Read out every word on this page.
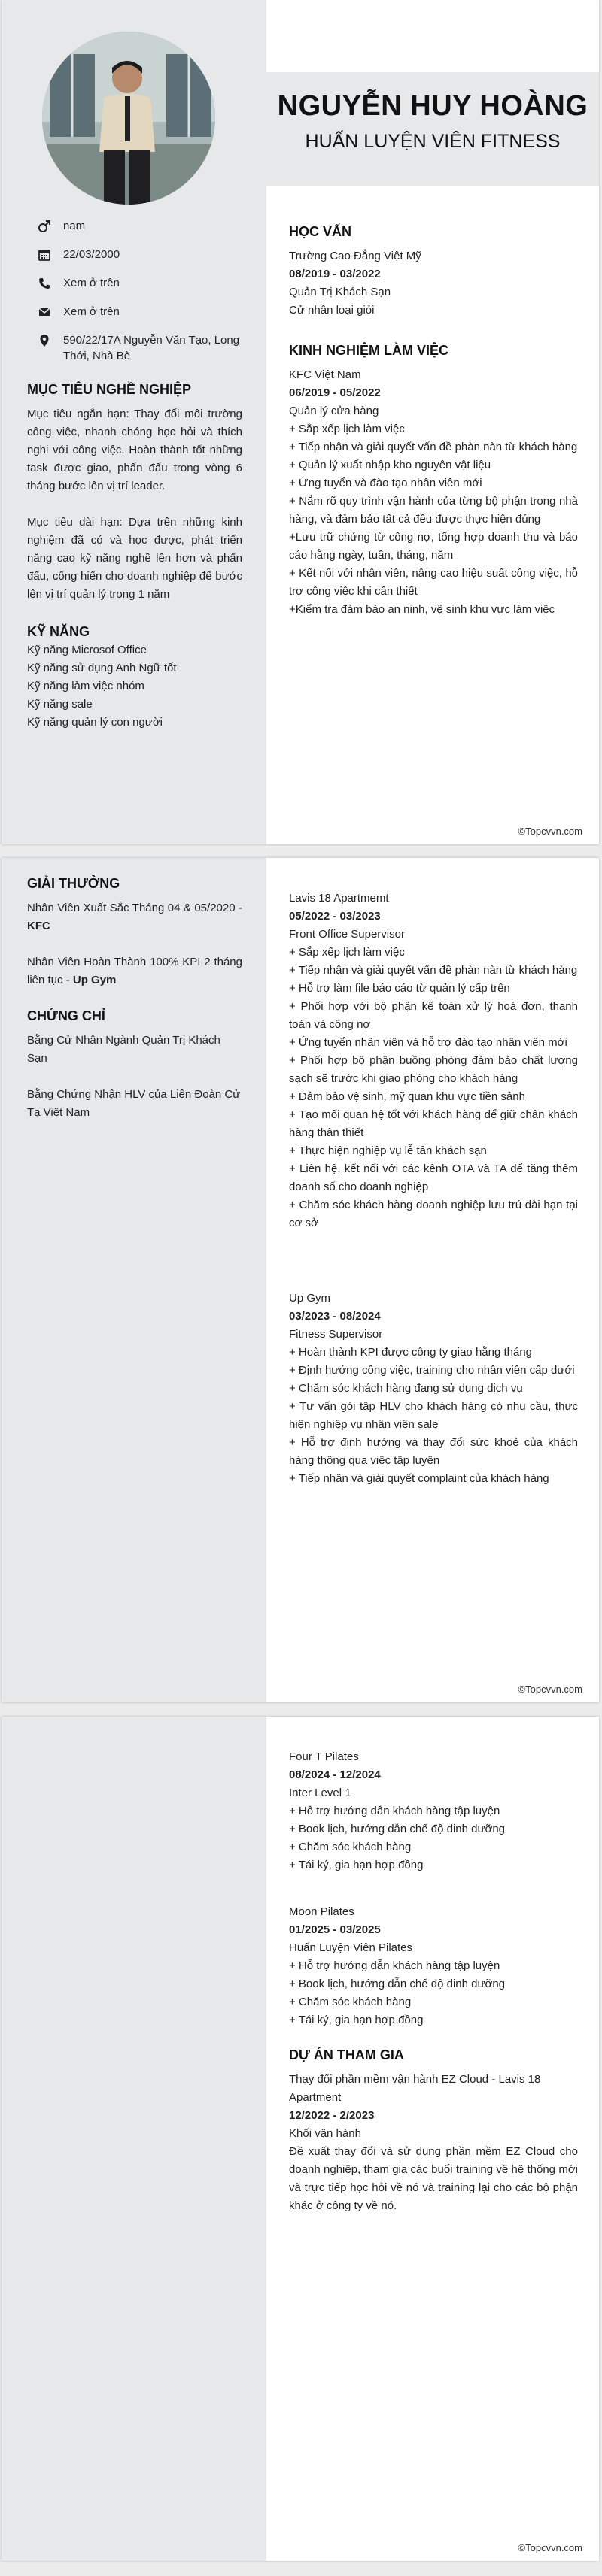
NGUYỄN HUY HOÀNG
HUẤN LUYỆN VIÊN FITNESS
nam
22/03/2000
Xem ở trên
Xem ở trên
590/22/17A Nguyễn Văn Tạo, Long Thới, Nhà Bè
MỤC TIÊU NGHỀ NGHIỆP
Mục tiêu ngắn hạn: Thay đổi môi trường công việc, nhanh chóng học hỏi và thích nghi với công việc. Hoàn thành tốt những task được giao, phấn đấu trong vòng 6 tháng bước lên vị trí leader.
Mục tiêu dài hạn: Dựa trên những kinh nghiệm đã có và học được, phát triển năng cao kỹ năng nghề lên hơn và phấn đấu, cống hiến cho doanh nghiệp để bước lên vị trí quản lý trong 1 năm
KỸ NĂNG
Kỹ năng Microsof Office
Kỹ năng sử dụng Anh Ngữ tốt
Kỹ năng làm việc nhóm
Kỹ năng sale
Kỹ năng quản lý con người
HỌC VẤN
Trường Cao Đẳng Việt Mỹ
08/2019 - 03/2022
Quản Trị Khách Sạn
Cử nhân loại giỏi
KINH NGHIỆM LÀM VIỆC
KFC Việt Nam
06/2019 - 05/2022
Quản lý cửa hàng
+ Sắp xếp lịch làm việc
+ Tiếp nhận và giải quyết vấn đề phàn nàn từ khách hàng
+ Quản lý xuất nhập kho nguyên vật liệu
+ Ứng tuyển và đào tạo nhân viên mới
+ Nắm rõ quy trình vận hành của từng bộ phận trong nhà hàng, và đảm bảo tất cả đều được thực hiện đúng
+Lưu trữ chứng từ công nợ, tổng hợp doanh thu và báo cáo hằng ngày, tuần, tháng, năm
+ Kết nối với nhân viên, nâng cao hiệu suất công việc, hỗ trợ công việc khi cần thiết
+Kiểm tra đảm bảo an ninh, vệ sinh khu vực làm việc
©Topcvvn.com
GIẢI THƯỞNG
Nhân Viên Xuất Sắc Tháng 04 & 05/2020 - KFC
Nhân Viên Hoàn Thành 100% KPI 2 tháng liên tục - Up Gym
CHỨNG CHỈ
Bằng Cử Nhân Ngành Quản Trị Khách Sạn
Bằng Chứng Nhận HLV của Liên Đoàn Cử Tạ Việt Nam
Lavis 18 Apartmemt
05/2022 - 03/2023
Front Office Supervisor
+ Sắp xếp lịch làm việc
+ Tiếp nhận và giải quyết vấn đề phàn nàn từ khách hàng
+ Hỗ trợ làm file báo cáo từ quản lý cấp trên
+ Phối hợp với bộ phận kế toán xử lý hoá đơn, thanh toán và công nợ
+ Ứng tuyển nhân viên và hỗ trợ đào tạo nhân viên mới
+ Phối hợp bộ phận buồng phòng đảm bảo chất lượng sạch sẽ trước khi giao phòng cho khách hàng
+ Đảm bảo vệ sinh, mỹ quan khu vực tiền sảnh
+ Tạo mối quan hệ tốt với khách hàng để giữ chân khách hàng thân thiết
+ Thực hiện nghiệp vụ lễ tân khách sạn
+ Liên hệ, kết nối với các kênh OTA và TA để tăng thêm doanh số cho doanh nghiệp
+ Chăm sóc khách hàng doanh nghiệp lưu trú dài hạn tại cơ sở
Up Gym
03/2023 - 08/2024
Fitness Supervisor
+ Hoàn thành KPI được công ty giao hằng tháng
+ Định hướng công việc, training cho nhân viên cấp dưới
+ Chăm sóc khách hàng đang sử dụng dịch vụ
+ Tư vấn gói tập HLV cho khách hàng có nhu cầu, thực hiện nghiệp vụ nhân viên sale
+ Hỗ trợ định hướng và thay đổi sức khoẻ của khách hàng thông qua việc tập luyện
+ Tiếp nhận và giải quyết complaint của khách hàng
©Topcvvn.com
Four T Pilates
08/2024 - 12/2024
Inter Level 1
+ Hỗ trợ hướng dẫn khách hàng tập luyện
+ Book lịch, hướng dẫn chế độ dinh dưỡng
+ Chăm sóc khách hàng
+ Tái ký, gia hạn hợp đồng
Moon Pilates
01/2025 - 03/2025
Huấn Luyện Viên Pilates
+ Hỗ trợ hướng dẫn khách hàng tập luyện
+ Book lịch, hướng dẫn chế độ dinh dưỡng
+ Chăm sóc khách hàng
+ Tái ký, gia hạn hợp đồng
DỰ ÁN THAM GIA
Thay đổi phần mềm vận hành EZ Cloud - Lavis 18 Apartment
12/2022 - 2/2023
Khối vận hành
Đề xuất thay đổi và sử dụng phần mềm EZ Cloud cho doanh nghiệp, tham gia các buổi training về hệ thống mới và trực tiếp học hỏi về nó và training lại cho các bộ phận khác ở công ty về nó.
©Topcvvn.com
